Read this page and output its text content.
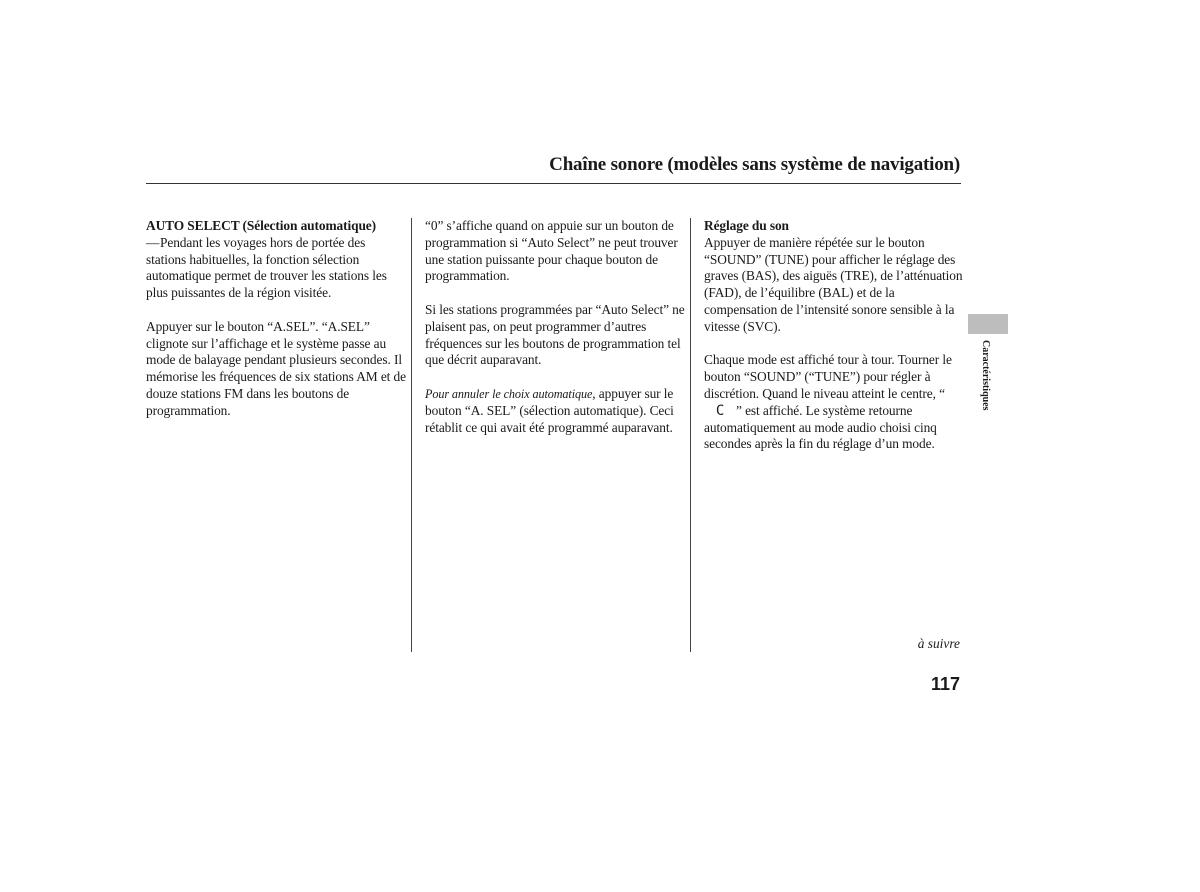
Chaîne sonore (modèles sans système de navigation)
AUTO SELECT (Sélection automatique)

—Pendant les voyages hors de portée des stations habituelles, la fonction sélection automatique permet de trouver les stations les plus puissantes de la région visitée.

Appuyer sur le bouton “A.SEL”. “A.SEL” clignote sur l’affichage et le système passe au mode de balayage pendant plusieurs secondes. Il mémorise les fréquences de six stations AM et de douze stations FM dans les boutons de programmation.

“0” s’affiche quand on appuie sur un bouton de programmation si “Auto Select” ne peut trouver une station puissante pour chaque bouton de programmation.

Si les stations programmées par “Auto Select” ne plaisent pas, on peut programmer d’autres fréquences sur les boutons de programmation tel que décrit auparavant.

Pour annuler le choix automatique, appuyer sur le bouton “A. SEL” (sélection automatique). Ceci rétablit ce qui avait été programmé auparavant.

Réglage du son

Appuyer de manière répétée sur le bouton “SOUND” (TUNE) pour afficher le réglage des graves (BAS), des aiguës (TRE), de l’atténuation (FAD), de l’équilibre (BAL) et de la compensation de l’intensité sonore sensible à la vitesse (SVC).

Chaque mode est affiché tour à tour. Tourner le bouton “SOUND” (“TUNE”) pour régler à discrétion. Quand le niveau atteint le centre, “C ” est affiché. Le système retourne automatiquement au mode audio choisi cinq secondes après la fin du réglage d’un mode.

Caractéristiques
à suivre
117
